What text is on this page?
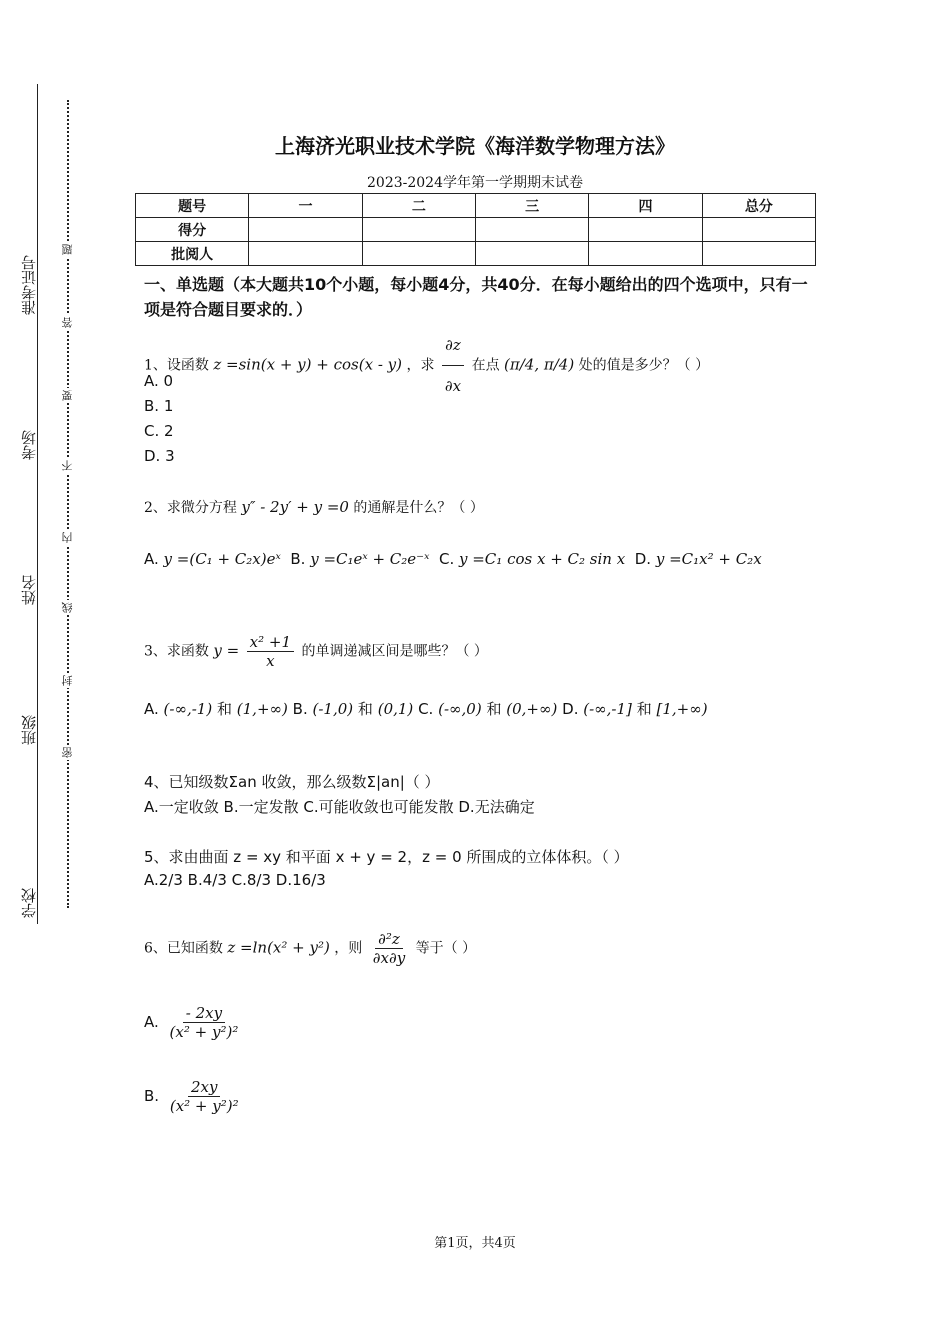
准考证号
考场
姓名
班级
学校
题
答
要
不
内
线
封
密
上海济光职业技术学院《海洋数学物理方法》
2023-2024学年第一学期期末试卷
题号	一	二	三	四	总分
得分					
批阅人					
一、单选题（本大题共10个小题，每小题4分，共40分．在每小题给出的四个选项中，只有一项是符合题目要求的．）
1、设函数 z =sin(x + y) + cos(x - y) ，求 $\frac{\partial z}{\partial x}$ 在点 (π/4, π/4) 处的值是多少？（ ）
A. 0
B. 1
C. 2
D. 3
2、求微分方程 y″ - 2y′ + y =0 的通解是什么？（ ）
A. y =(C₁ + C₂x)eˣ B. y =C₁eˣ + C₂e⁻ˣ C. y =C₁ cos x + C₂ sin x D. y =C₁x² + C₂x
3、求函数 $y = \frac{\text{x² +1}}{x}$ 的单调递减区间是哪些？（ ）
A. (-∞,-1) 和 (1,+∞) B. (-1,0) 和 (0,1) C. (-∞,0) 和 (0,+∞) D. (-∞,-1] 和 [1,+∞)
4、已知级数Σan 收敛，那么级数Σ|an|（ ）
A.一定收敛 B.一定发散 C.可能收敛也可能发散 D.无法确定
5、求由曲面 z = xy 和平面 x + y = 2，z = 0 所围成的立体体积。（ ）
A.2/3 B.4/3 C.8/3 D.16/3
6、已知函数 z =ln(x² + y²) ，则 $\frac{\text{∂²z}}{\partial x\partial y}$ 等于（ ）
A. $\frac{- 2xy}{\text{(x² + y²)²}}$
B. $\frac{2xy}{\text{(x² + y²)²}}$
第1页，共4页
